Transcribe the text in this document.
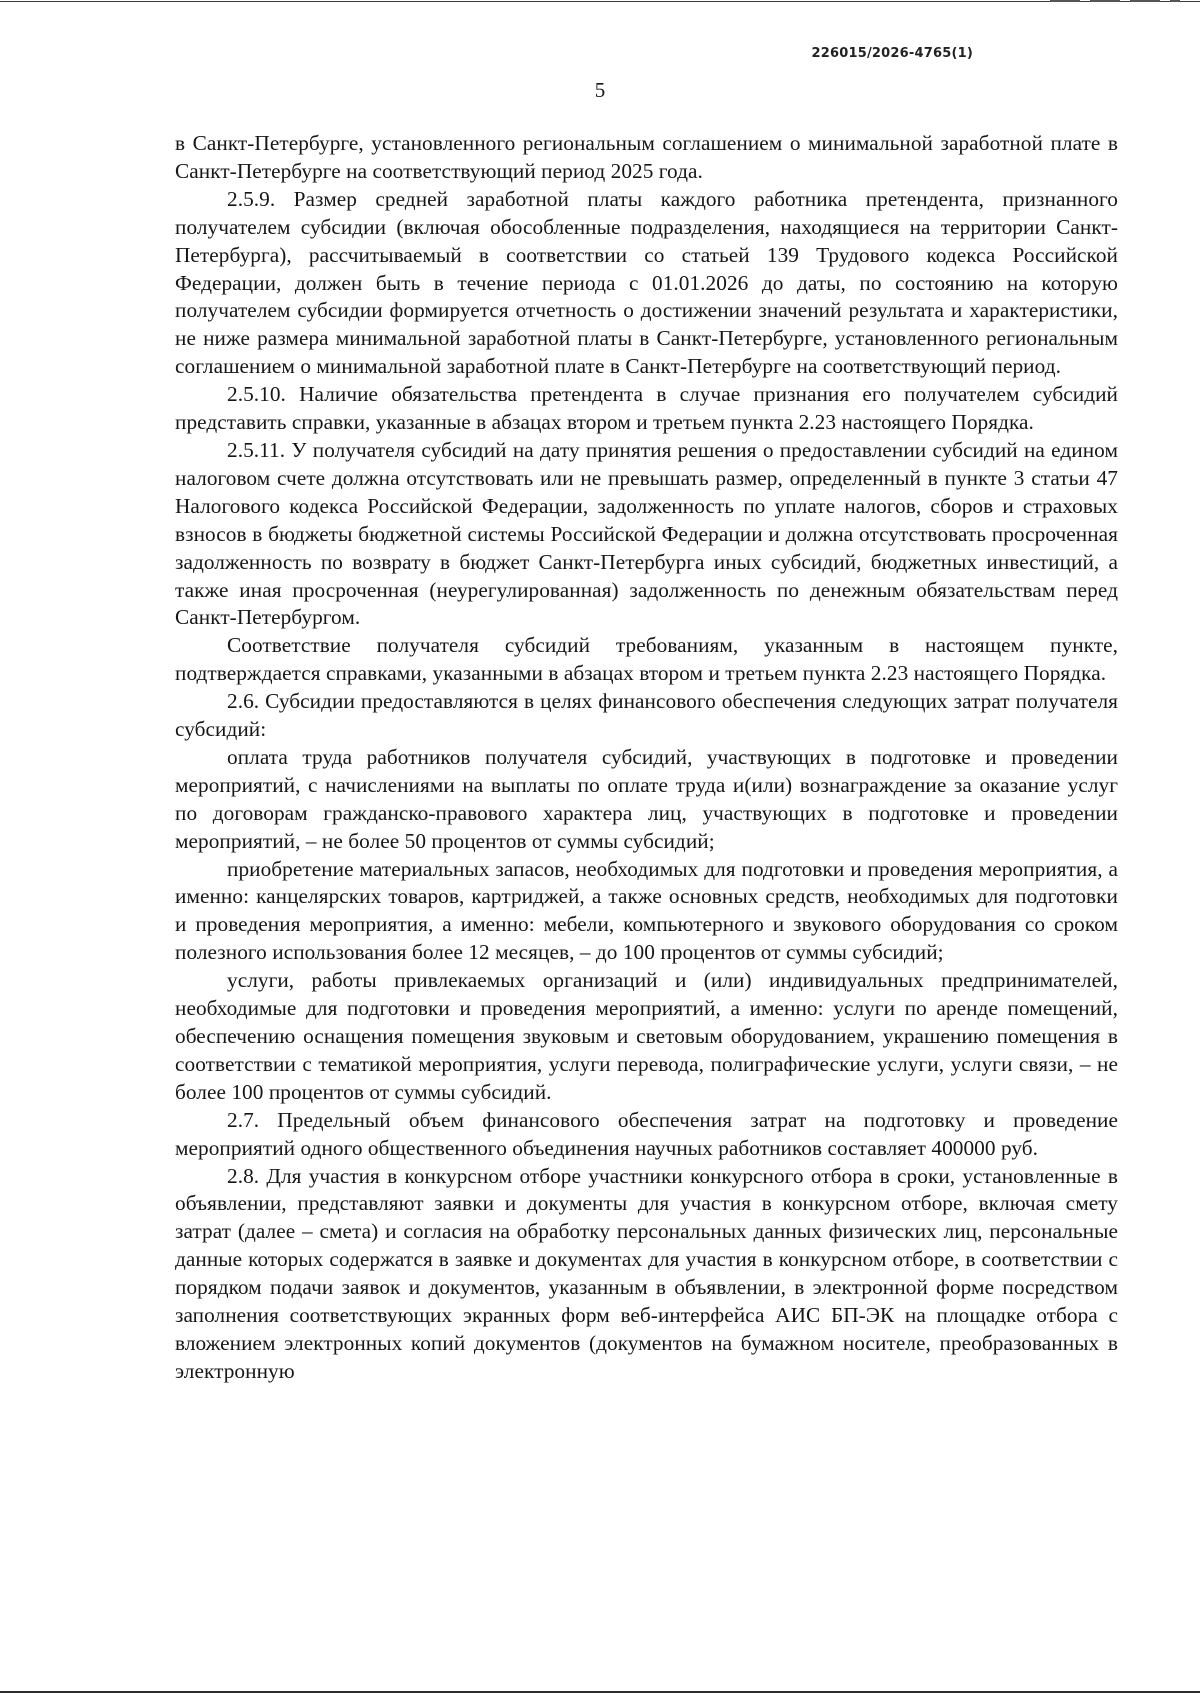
226015/2026-4765(1)
5

в Санкт-Петербурге, установленного региональным соглашением о минимальной заработной плате в Санкт-Петербурге на соответствующий период 2025 года.

2.5.9. Размер средней заработной платы каждого работника претендента, признанного получателем субсидии (включая обособленные подразделения, находящиеся на территории Санкт-Петербурга), рассчитываемый в соответствии со статьей 139 Трудового кодекса Российской Федерации, должен быть в течение периода с 01.01.2026 до даты, по состоянию на которую получателем субсидии формируется отчетность о достижении значений результата и характеристики, не ниже размера минимальной заработной платы в Санкт-Петербурге, установленного региональным соглашением о минимальной заработной плате в Санкт-Петербурге на соответствующий период.

2.5.10. Наличие обязательства претендента в случае признания его получателем субсидий представить справки, указанные в абзацах втором и третьем пункта 2.23 настоящего Порядка.

2.5.11. У получателя субсидий на дату принятия решения о предоставлении субсидий на едином налоговом счете должна отсутствовать или не превышать размер, определенный в пункте 3 статьи 47 Налогового кодекса Российской Федерации, задолженность по уплате налогов, сборов и страховых взносов в бюджеты бюджетной системы Российской Федерации и должна отсутствовать просроченная задолженность по возврату в бюджет Санкт-Петербурга иных субсидий, бюджетных инвестиций, а также иная просроченная (неурегулированная) задолженность по денежным обязательствам перед Санкт-Петербургом.

Соответствие получателя субсидий требованиям, указанным в настоящем пункте, подтверждается справками, указанными в абзацах втором и третьем пункта 2.23 настоящего Порядка.

2.6. Субсидии предоставляются в целях финансового обеспечения следующих затрат получателя субсидий:

оплата труда работников получателя субсидий, участвующих в подготовке и проведении мероприятий, с начислениями на выплаты по оплате труда и(или) вознаграждение за оказание услуг по договорам гражданско-правового характера лиц, участвующих в подготовке и проведении мероприятий, – не более 50 процентов от суммы субсидий;

приобретение материальных запасов, необходимых для подготовки и проведения мероприятия, а именно: канцелярских товаров, картриджей, а также основных средств, необходимых для подготовки и проведения мероприятия, а именно: мебели, компьютерного и звукового оборудования со сроком полезного использования более 12 месяцев, – до 100 процентов от суммы субсидий;

услуги, работы привлекаемых организаций и (или) индивидуальных предпринимателей, необходимые для подготовки и проведения мероприятий, а именно: услуги по аренде помещений, обеспечению оснащения помещения звуковым и световым оборудованием, украшению помещения в соответствии с тематикой мероприятия, услуги перевода, полиграфические услуги, услуги связи, – не более 100 процентов от суммы субсидий.

2.7. Предельный объем финансового обеспечения затрат на подготовку и проведение мероприятий одного общественного объединения научных работников составляет 400000 руб.

2.8. Для участия в конкурсном отборе участники конкурсного отбора в сроки, установленные в объявлении, представляют заявки и документы для участия в конкурсном отборе, включая смету затрат (далее – смета) и согласия на обработку персональных данных физических лиц, персональные данные которых содержатся в заявке и документах для участия в конкурсном отборе, в соответствии с порядком подачи заявок и документов, указанным в объявлении, в электронной форме посредством заполнения соответствующих экранных форм веб-интерфейса АИС БП-ЭК на площадке отбора с вложением электронных копий документов (документов на бумажном носителе, преобразованных в электронную
